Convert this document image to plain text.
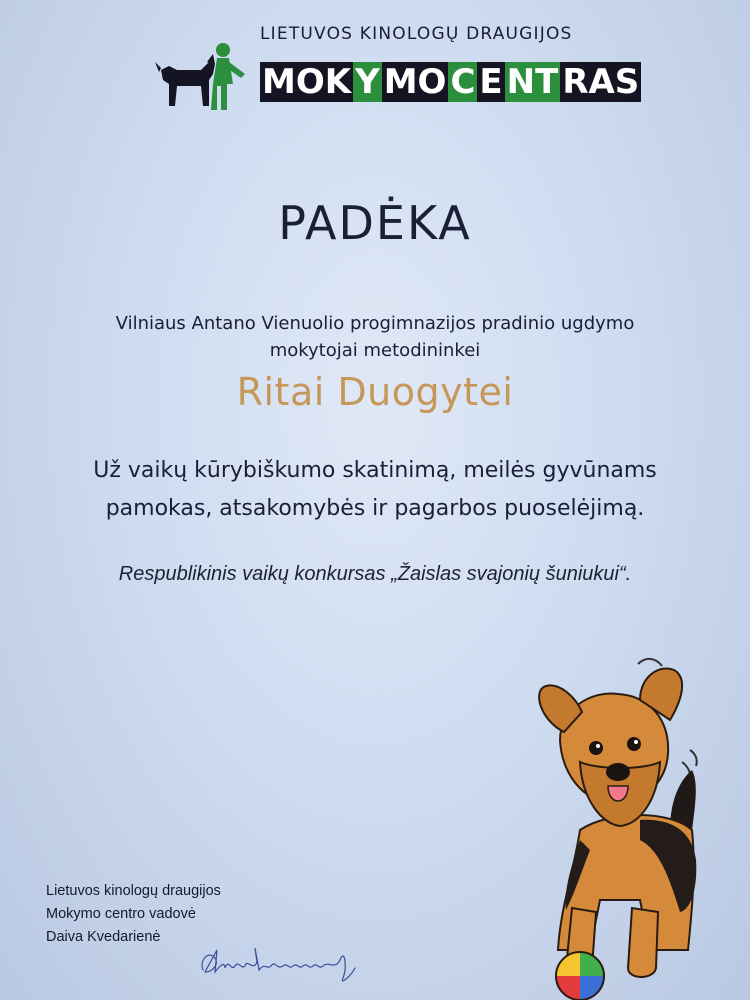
LIETUVOS KINOLOGŲ DRAUGIJOS
MOK Y MO C E NT RAS
PADĖKA
Vilniaus Antano Vienuolio progimnazijos pradinio ugdymo
mokytojai metodininkei
Ritai Duogytei
Už vaikų kūrybiškumo skatinimą, meilės gyvūnams
pamokas, atsakomybės ir pagarbos puoselėjimą.
Respublikinis vaikų konkursas „Žaislas svajonių šuniukui“.
Lietuvos kinologų draugijos
Mokymo centro vadovė
Daiva Kvedarienė
